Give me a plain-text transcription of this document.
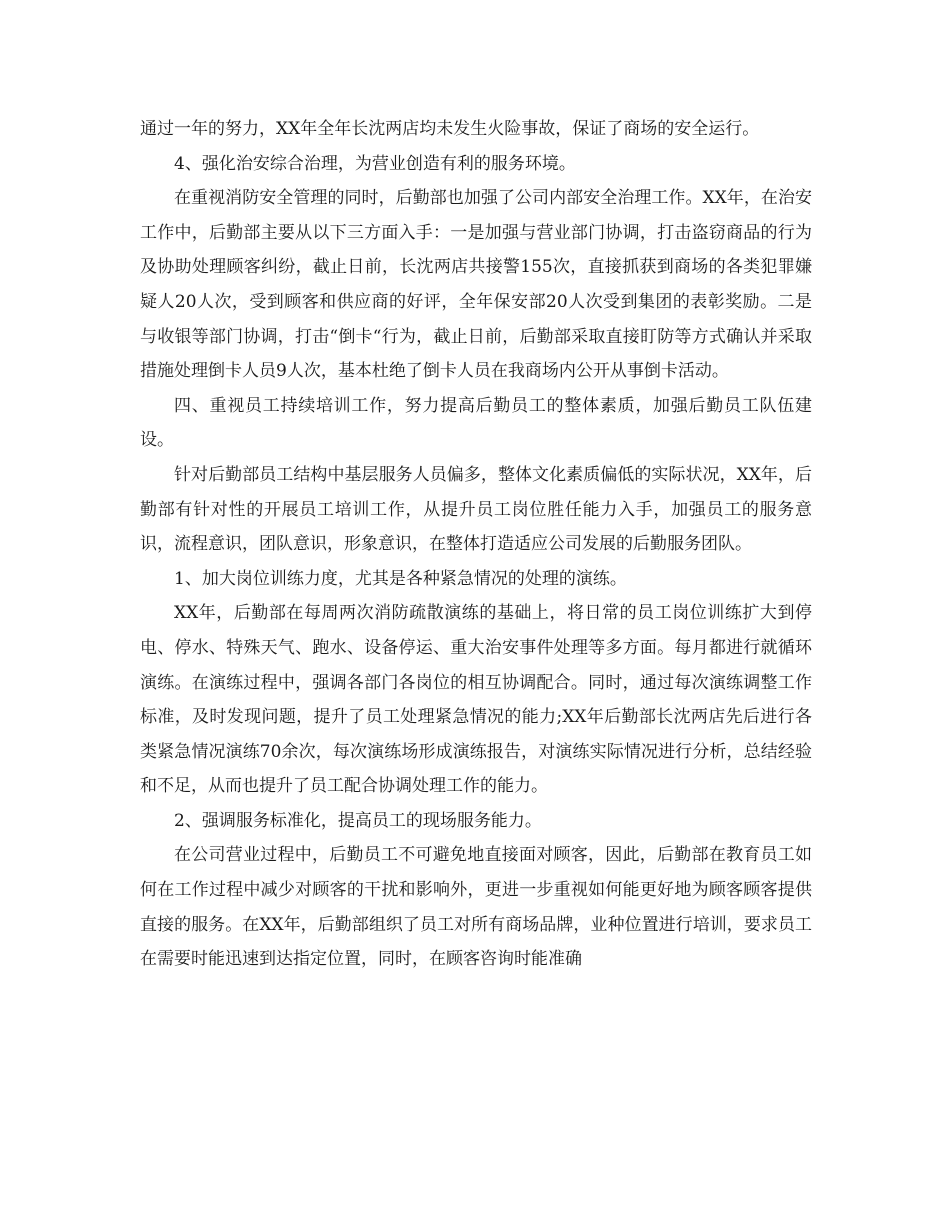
通过一年的努力，XX年全年长沈两店均未发生火险事故，保证了商场的安全运行。

4、强化治安综合治理，为营业创造有利的服务环境。

在重视消防安全管理的同时，后勤部也加强了公司内部安全治理工作。XX年，在治安工作中，后勤部主要从以下三方面入手：一是加强与营业部门协调，打击盗窃商品的行为及协助处理顾客纠纷，截止日前，长沈两店共接警155次，直接抓获到商场的各类犯罪嫌疑人20人次，受到顾客和供应商的好评，全年保安部20人次受到集团的表彰奖励。二是与收银等部门协调，打击“倒卡“行为，截止日前，后勤部采取直接盯防等方式确认并采取措施处理倒卡人员9人次，基本杜绝了倒卡人员在我商场内公开从事倒卡活动。

四、重视员工持续培训工作，努力提高后勤员工的整体素质，加强后勤员工队伍建设。

针对后勤部员工结构中基层服务人员偏多，整体文化素质偏低的实际状况，XX年，后勤部有针对性的开展员工培训工作，从提升员工岗位胜任能力入手，加强员工的服务意识，流程意识，团队意识，形象意识，在整体打造适应公司发展的后勤服务团队。

1、加大岗位训练力度，尤其是各种紧急情况的处理的演练。

XX年，后勤部在每周两次消防疏散演练的基础上，将日常的员工岗位训练扩大到停电、停水、特殊天气、跑水、设备停运、重大治安事件处理等多方面。每月都进行就循环演练。在演练过程中，强调各部门各岗位的相互协调配合。同时，通过每次演练调整工作标准，及时发现问题，提升了员工处理紧急情况的能力;XX年后勤部长沈两店先后进行各类紧急情况演练70余次，每次演练场形成演练报告，对演练实际情况进行分析，总结经验和不足，从而也提升了员工配合协调处理工作的能力。

2、强调服务标准化，提高员工的现场服务能力。

在公司营业过程中，后勤员工不可避免地直接面对顾客，因此，后勤部在教育员工如何在工作过程中减少对顾客的干扰和影响外，更进一步重视如何能更好地为顾客顾客提供直接的服务。在XX年，后勤部组织了员工对所有商场品牌，业种位置进行培训，要求员工在需要时能迅速到达指定位置，同时，在顾客咨询时能准确
